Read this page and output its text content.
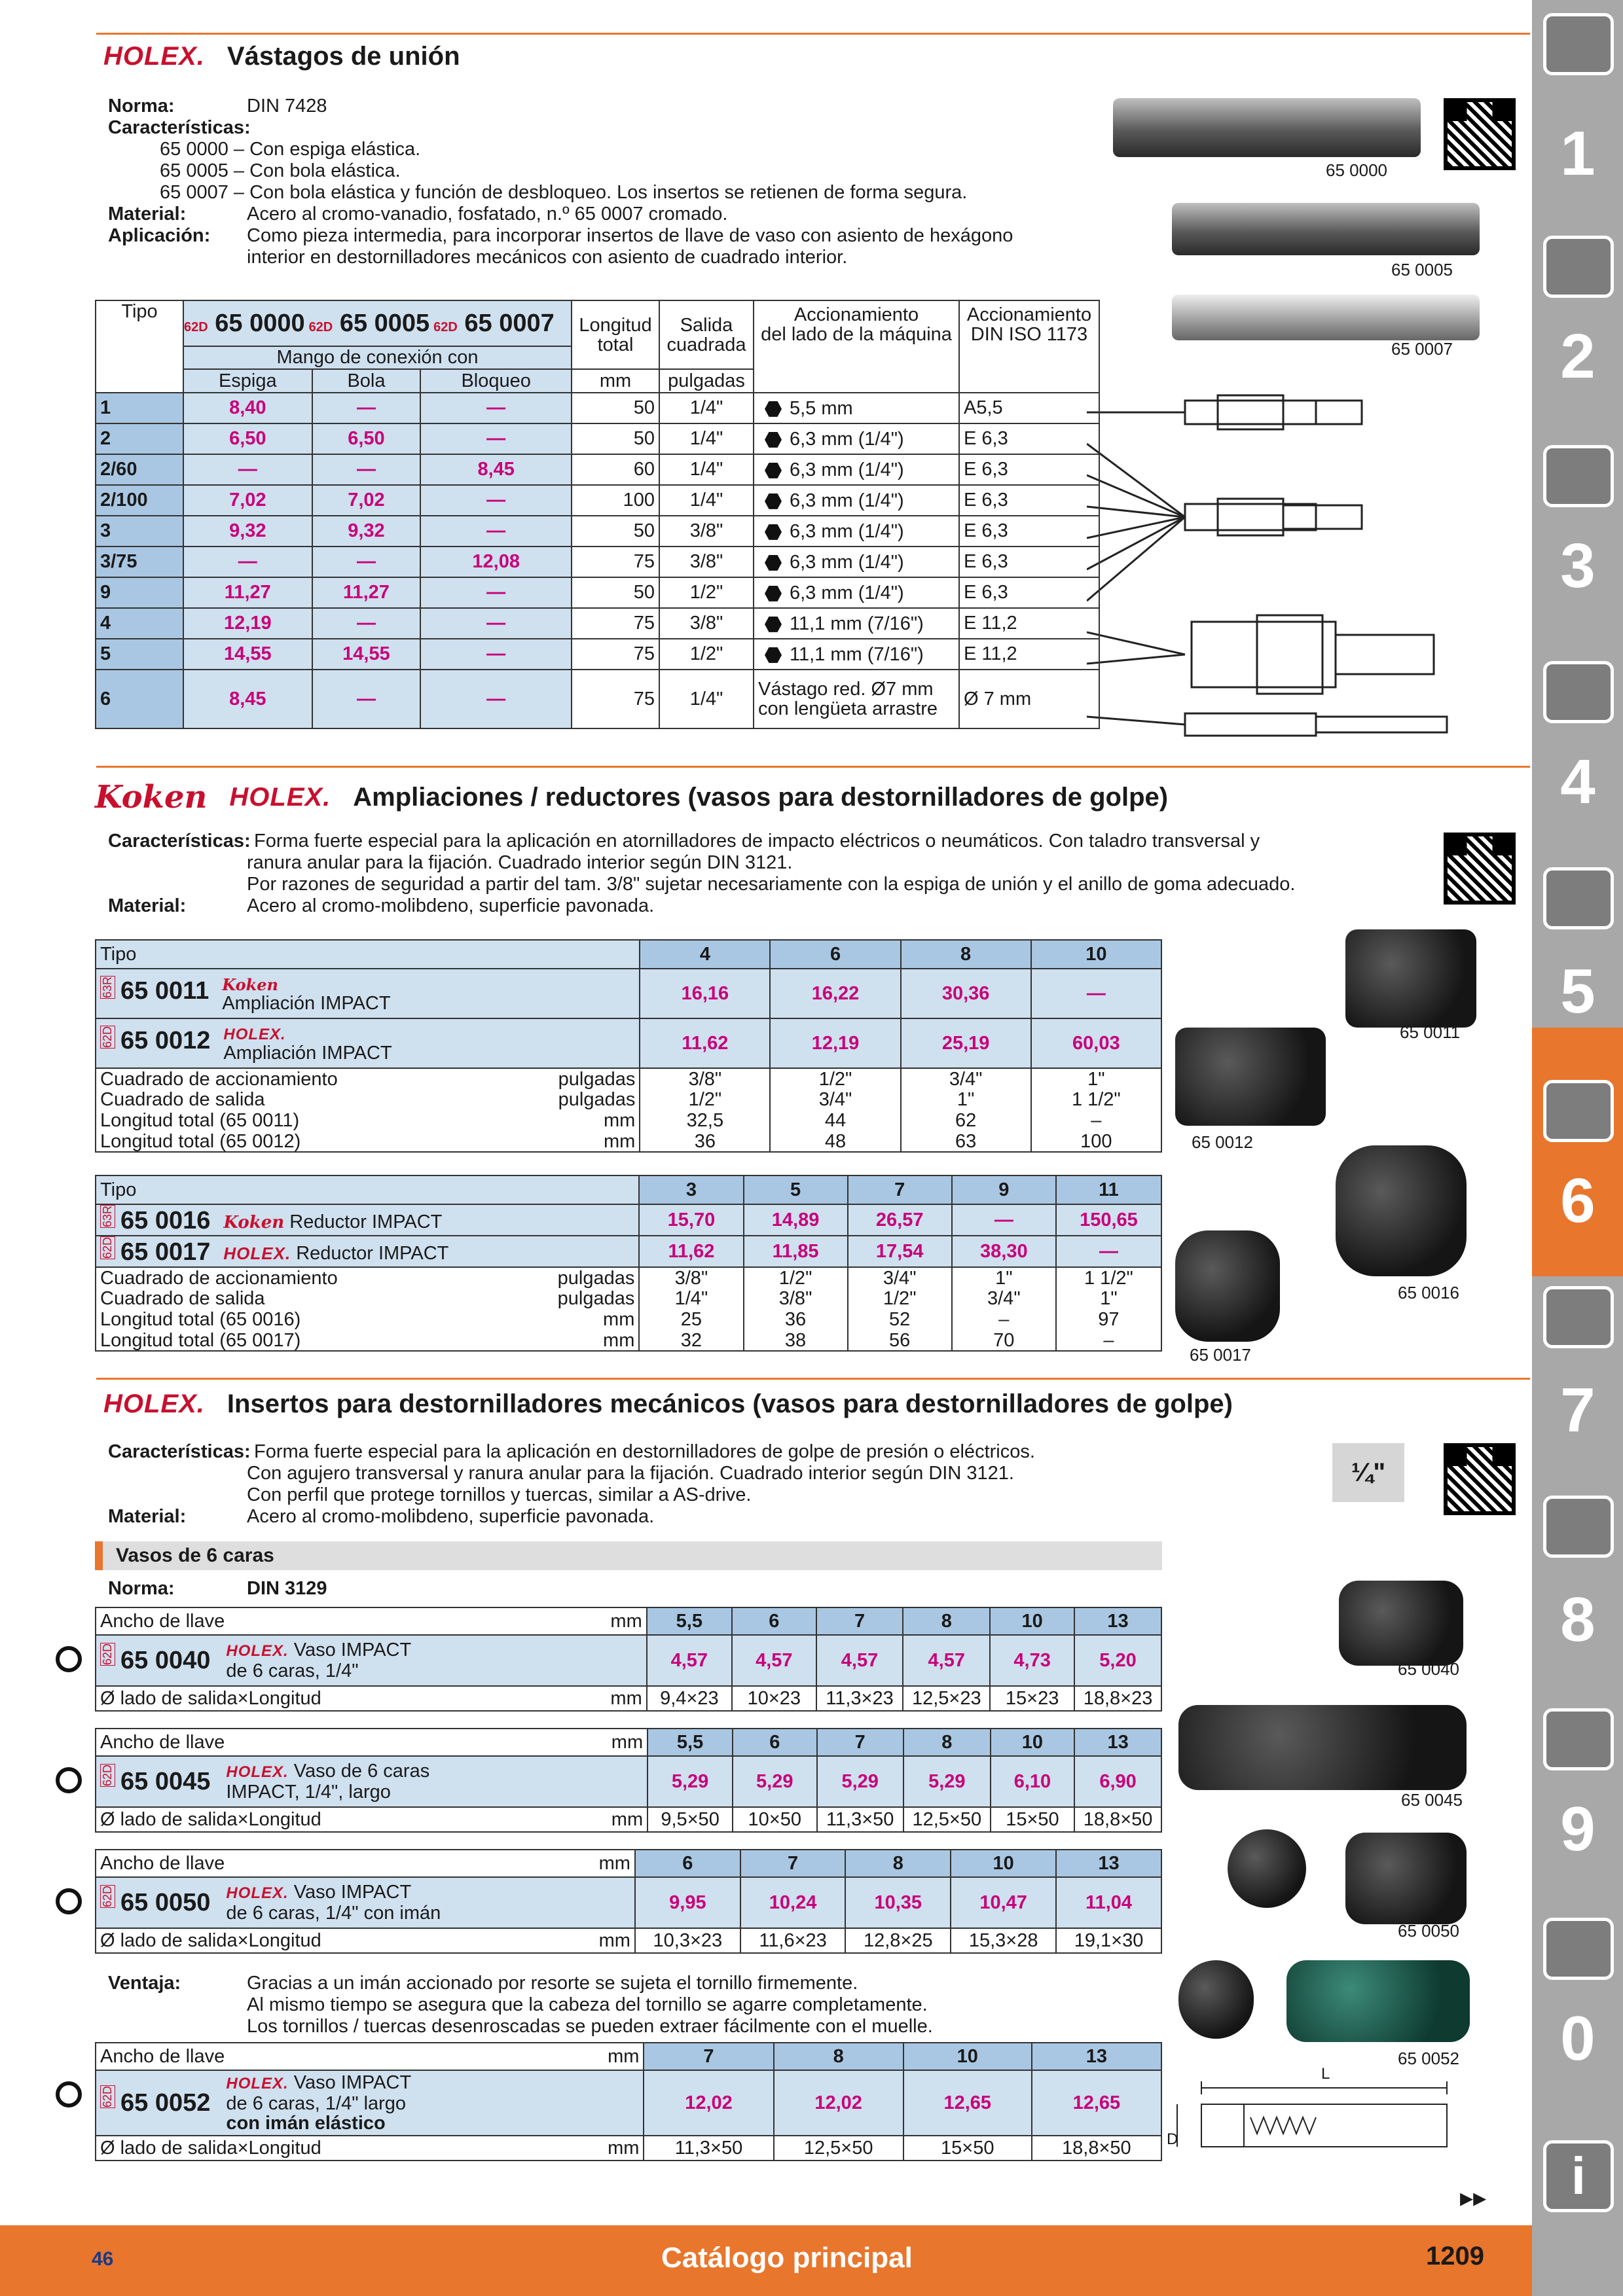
1
2
3
4
5
6
7
8
9
0
i
HOLEX. Vástagos de unión
Norma:	DIN 7428
Características:
65 0000 – Con espiga elástica.
65 0005 – Con bola elástica.
65 0007 – Con bola elástica y función de desbloqueo. Los insertos se retienen de forma segura.
Material:	Acero al cromo-vanadio, fosfatado, n.º 65 0007 cromado.
Aplicación: Como pieza intermedia, para incorporar insertos de llave de vaso con asiento de hexágono
interior en destornilladores mecánicos con asiento de cuadrado interior.
65 0000
65 0005
65 0007
Tipo	62D 65 0000 62D 65 0005 62D 65 0007			Longitud
total	Salida
cuadrada	Accionamiento
del lado de la máquina	Accionamiento
DIN ISO 1173
	Mango de conexión con						
	Espiga	Bola	Bloqueo	mm	pulgadas		
1	8,40	—	—	50	1/4"	5,5 mm	A5,5
2	6,50	6,50	—	50	1/4"	6,3 mm (1/4")	E 6,3
2/60	—	—	8,45	60	1/4"	6,3 mm (1/4")	E 6,3
2/100	7,02	7,02	—	100	1/4"	6,3 mm (1/4")	E 6,3
3	9,32	9,32	—	50	3/8"	6,3 mm (1/4")	E 6,3
3/75	—	—	12,08	75	3/8"	6,3 mm (1/4")	E 6,3
9	11,27	11,27	—	50	1/2"	6,3 mm (1/4")	E 6,3
4	12,19	—	—	75	3/8"	11,1 mm (7/16")	E 11,2
5	14,55	14,55	—	75	1/2"	11,1 mm (7/16")	E 11,2
6	8,45	—	—	75	1/4"	Vástago red. Ø7 mm con lengüeta arrastre	Ø 7 mm
Koken HOLEX. Ampliaciones / reductores (vasos para destornilladores de golpe)
Características: Forma fuerte especial para la aplicación en atornilladores de impacto eléctricos o neumáticos. Con taladro transversal y
ranura anular para la fijación. Cuadrado interior según DIN 3121.
Por razones de seguridad a partir del tam. 3/8" sujetar necesariamente con la espiga de unión y el anillo de goma adecuado.
Material:	Acero al cromo-molibdeno, superficie pavonada.
65 0011
65 0012
65 0016
65 0017
Tipo	4	6	8	10
63R 65 0011 Koken
Ampliación IMPACT	16,16	16,22	30,36	—
62D 65 0012 HOLEX.
Ampliación IMPACT	11,62	12,19	25,19	60,03
Cuadrado de accionamiento pulgadas	3/8"	1/2"	3/4"	1"
Cuadrado de salida pulgadas	1/2"	3/4"	1"	1 1/2"
Longitud total (65 0011) mm	32,5	44	62	–
Longitud total (65 0012) mm	36	48	63	100
Tipo	3	5	7	9	11
63R 65 0016 Koken Reductor IMPACT	15,70	14,89	26,57	—	150,65
62D 65 0017 HOLEX. Reductor IMPACT	11,62	11,85	17,54	38,30	—
Cuadrado de accionamiento pulgadas	3/8"	1/2"	3/4"	1"	1 1/2"
Cuadrado de salida pulgadas	1/4"	3/8"	1/2"	3/4"	1"
Longitud total (65 0016) mm	25	36	52	–	97
Longitud total (65 0017) mm	32	38	56	70	–
HOLEX. Insertos para destornilladores mecánicos (vasos para destornilladores de golpe)
Características: Forma fuerte especial para la aplicación en destornilladores de golpe de presión o eléctricos.
Con agujero transversal y ranura anular para la fijación. Cuadrado interior según DIN 3121.
Con perfil que protege tornillos y tuercas, similar a AS-drive.
Material:	Acero al cromo-molibdeno, superficie pavonada.
¼"
Vasos de 6 caras
Norma:	DIN 3129
Ancho de llave mm	5,5	6	7	8	10	13
62D 65 0040 HOLEX. Vaso IMPACT
de 6 caras, 1/4"	4,57	4,57	4,57	4,57	4,73	5,20
Ø lado de salida×Longitud mm	9,4×23	10×23	11,3×23	12,5×23	15×23	18,8×23
Ancho de llave mm	5,5	6	7	8	10	13
62D 65 0045 HOLEX. Vaso de 6 caras
IMPACT, 1/4", largo	5,29	5,29	5,29	5,29	6,10	6,90
Ø lado de salida×Longitud mm	9,5×50	10×50	11,3×50	12,5×50	15×50	18,8×50
Ancho de llave mm	6	7	8	10	13
62D 65 0050 HOLEX. Vaso IMPACT
de 6 caras, 1/4" con imán	9,95	10,24	10,35	10,47	11,04
Ø lado de salida×Longitud mm	10,3×23	11,6×23	12,8×25	15,3×28	19,1×30
Ancho de llave mm	7	8	10	13
62D 65 0052HOLEX. Vaso IMPACT
de 6 caras, 1/4" largo
con imán elástico	12,02	12,02	12,65	12,65
Ø lado de salida×Longitud mm	11,3×50	12,5×50	15×50	18,8×50
Ventaja:	Gracias a un imán accionado por resorte se sujeta el tornillo firmemente.
Al mismo tiempo se asegura que la cabeza del tornillo se agarre completamente.
Los tornillos / tuercas desenroscadas se pueden extraer fácilmente con el muelle.
65 0040
65 0045
65 0050
65 0052
L
D
▸▸
46	Catálogo principal	1209
